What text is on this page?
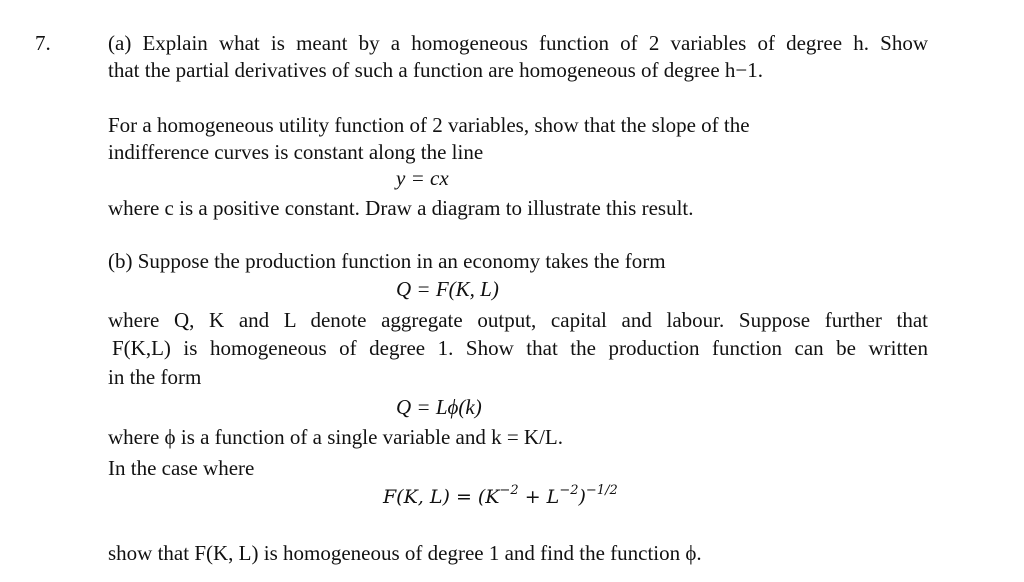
7.	(a) Explain what is meant by a homogeneous function of 2 variables of degree h. Show
that the partial derivatives of such a function are homogeneous of degree h−1.
For a homogeneous utility function of 2 variables, show that the slope of the
indifference curves is constant along the line
y = cx
where c is a positive constant. Draw a diagram to illustrate this result.
(b) Suppose the production function in an economy takes the form
Q = F(K, L)
where Q, K and L denote aggregate output, capital and labour. Suppose further that
F(K,L) is homogeneous of degree 1. Show that the production function can be written
in the form
Q = Lϕ(k)
where ϕ is a function of a single variable and k = K/L.
In the case where
F(K, $L) = (K^{-2} + L^{-2})^{-1/2}$
show that F(K, L) is homogeneous of degree 1 and find the function ϕ.
